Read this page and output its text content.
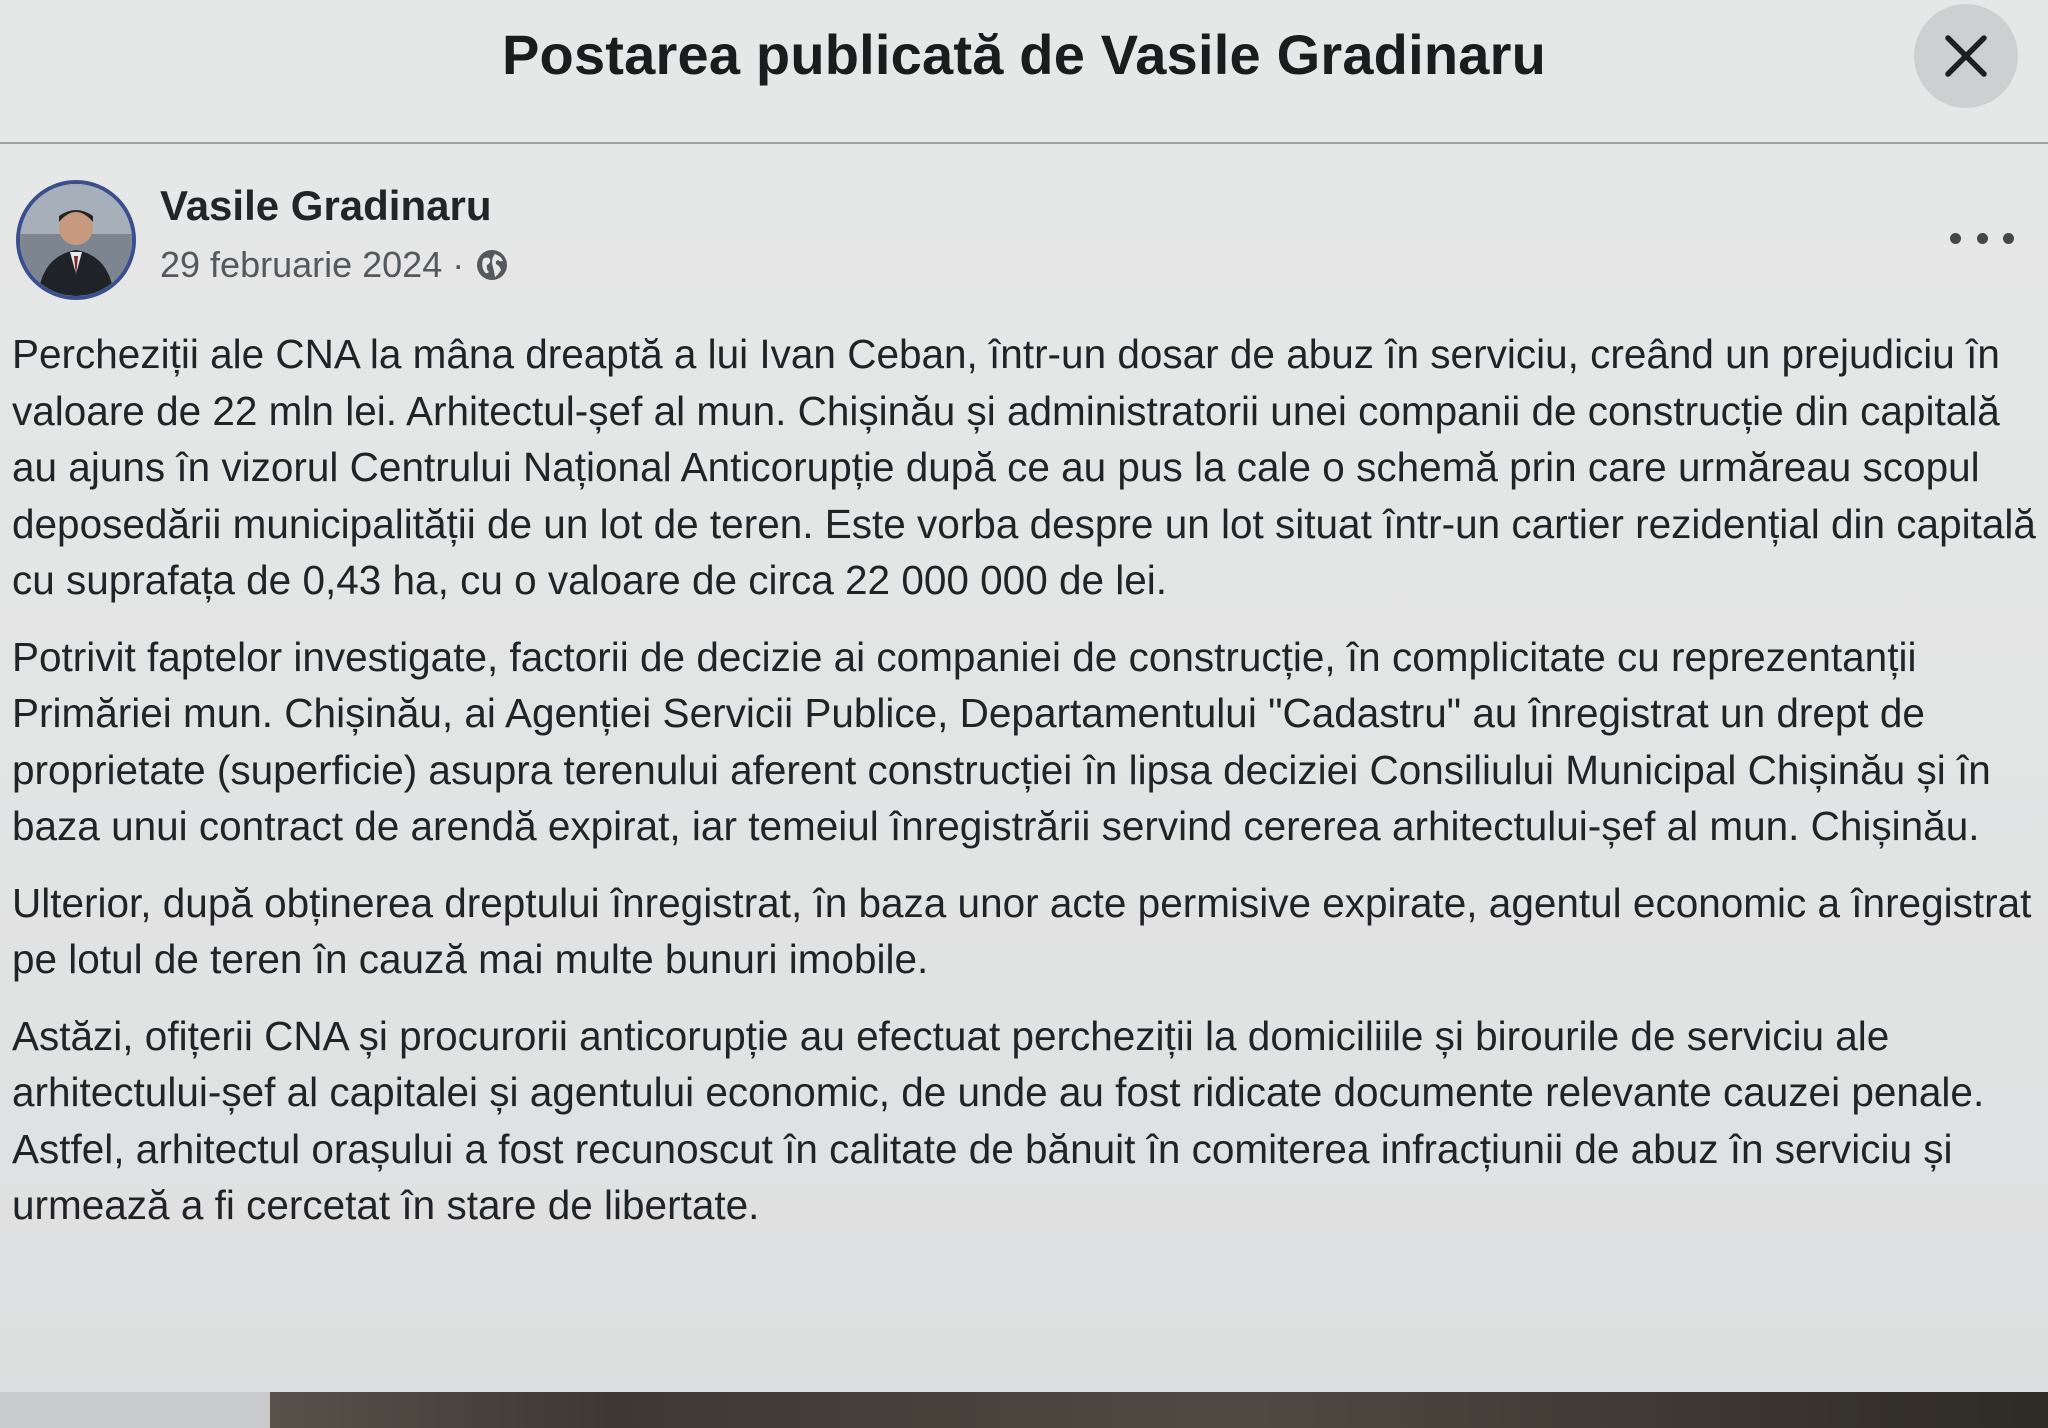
Postarea publicată de Vasile Gradinaru
Vasile Gradinaru
29 februarie 2024 ·

Percheziții ale CNA la mâna dreaptă a lui Ivan Ceban, într-un dosar de abuz în serviciu, creând un prejudiciu în valoare de 22 mln lei. Arhitectul-șef al mun. Chișinău și administratorii unei companii de construcție din capitală au ajuns în vizorul Centrului Național Anticorupție după ce au pus la cale o schemă prin care urmăreau scopul deposedării municipalității de un lot de teren. Este vorba despre un lot situat într-un cartier rezidențial din capitală cu suprafața de 0,43 ha, cu o valoare de circa 22 000 000 de lei.

Potrivit faptelor investigate, factorii de decizie ai companiei de construcție, în complicitate cu reprezentanții Primăriei mun. Chișinău, ai Agenției Servicii Publice, Departamentului "Cadastru" au înregistrat un drept de proprietate (superficie) asupra terenului aferent construcției în lipsa deciziei Consiliului Municipal Chișinău și în baza unui contract de arendă expirat, iar temeiul înregistrării servind cererea arhitectului-șef al mun. Chișinău.

Ulterior, după obținerea dreptului înregistrat, în baza unor acte permisive expirate, agentul economic a înregistrat pe lotul de teren în cauză mai multe bunuri imobile.

Astăzi, ofițerii CNA și procurorii anticorupție au efectuat percheziții la domiciliile și birourile de serviciu ale arhitectului-șef al capitalei și agentului economic, de unde au fost ridicate documente relevante cauzei penale. Astfel, arhitectul orașului a fost recunoscut în calitate de bănuit în comiterea infracțiunii de abuz în serviciu și urmează a fi cercetat în stare de libertate.
